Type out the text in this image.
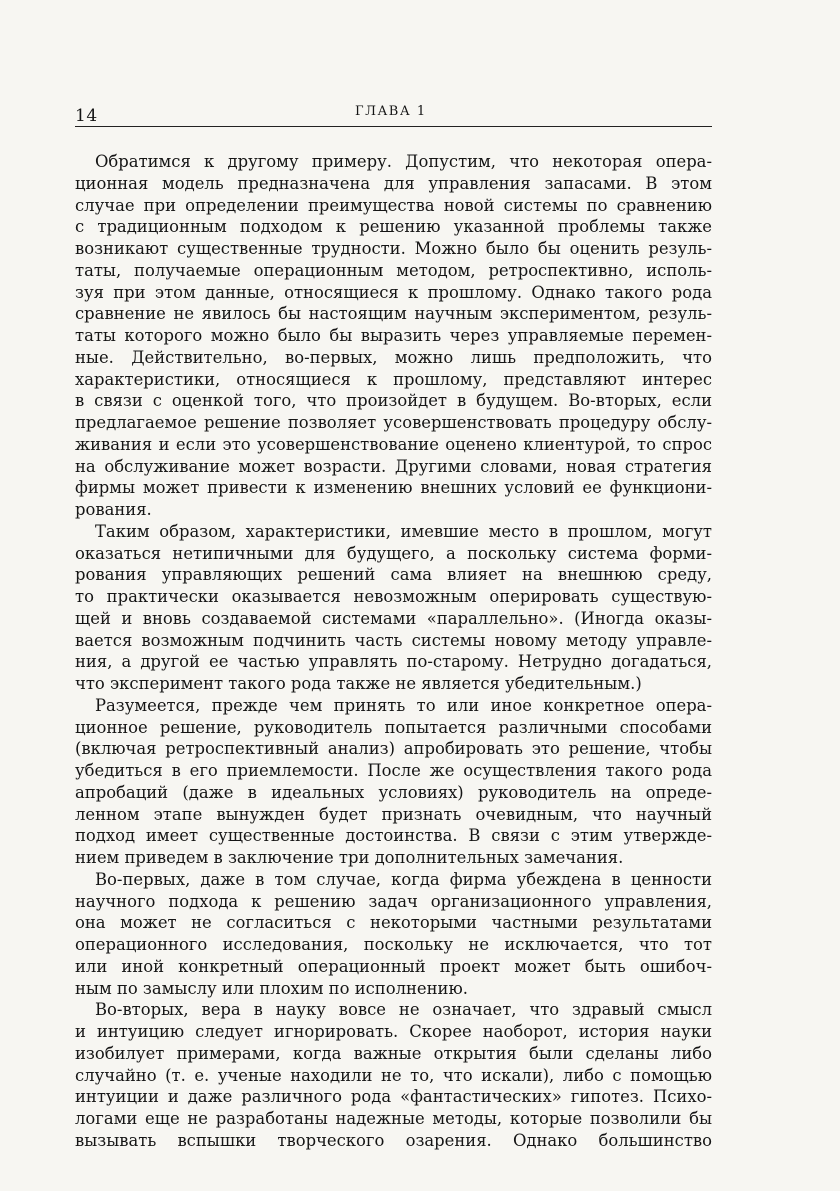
14	ГЛАВА 1

Обратимся к другому примеру. Допустим, что некоторая опера-
ционная модель предназначена для управления запасами. В этом
случае при определении преимущества новой системы по сравнению
с традиционным подходом к решению указанной проблемы также
возникают существенные трудности. Можно было бы оценить резуль-
таты, получаемые операционным методом, ретроспективно, исполь-
зуя при этом данные, относящиеся к прошлому. Однако такого рода
сравнение не явилось бы настоящим научным экспериментом, резуль-
таты которого можно было бы выразить через управляемые перемен-
ные. Действительно, во-первых, можно лишь предположить, что
характеристики, относящиеся к прошлому, представляют интерес
в связи с оценкой того, что произойдет в будущем. Во-вторых, если
предлагаемое решение позволяет усовершенствовать процедуру обслу-
живания и если это усовершенствование оценено клиентурой, то спрос
на обслуживание может возрасти. Другими словами, новая стратегия
фирмы может привести к изменению внешних условий ее функциони-
рования.

Таким образом, характеристики, имевшие место в прошлом, могут
оказаться нетипичными для будущего, а поскольку система форми-
рования управляющих решений сама влияет на внешнюю среду,
то практически оказывается невозможным оперировать существую-
щей и вновь создаваемой системами «параллельно». (Иногда оказы-
вается возможным подчинить часть системы новому методу управле-
ния, а другой ее частью управлять по-старому. Нетрудно догадаться,
что эксперимент такого рода также не является убедительным.)

Разумеется, прежде чем принять то или иное конкретное опера-
ционное решение, руководитель попытается различными способами
(включая ретроспективный анализ) апробировать это решение, чтобы
убедиться в его приемлемости. После же осуществления такого рода
апробаций (даже в идеальных условиях) руководитель на опреде-
ленном этапе вынужден будет признать очевидным, что научный
подход имеет существенные достоинства. В связи с этим утвержде-
нием приведем в заключение три дополнительных замечания.

Во-первых, даже в том случае, когда фирма убеждена в ценности
научного подхода к решению задач организационного управления,
она может не согласиться с некоторыми частными результатами
операционного исследования, поскольку не исключается, что тот
или иной конкретный операционный проект может быть ошибоч-
ным по замыслу или плохим по исполнению.

Во-вторых, вера в науку вовсе не означает, что здравый смысл
и интуицию следует игнорировать. Скорее наоборот, история науки
изобилует примерами, когда важные открытия были сделаны либо
случайно (т. е. ученые находили не то, что искали), либо с помощью
интуиции и даже различного рода «фантастических» гипотез. Психо-
логами еще не разработаны надежные методы, которые позволили бы
вызывать вспышки творческого озарения. Однако большинство
